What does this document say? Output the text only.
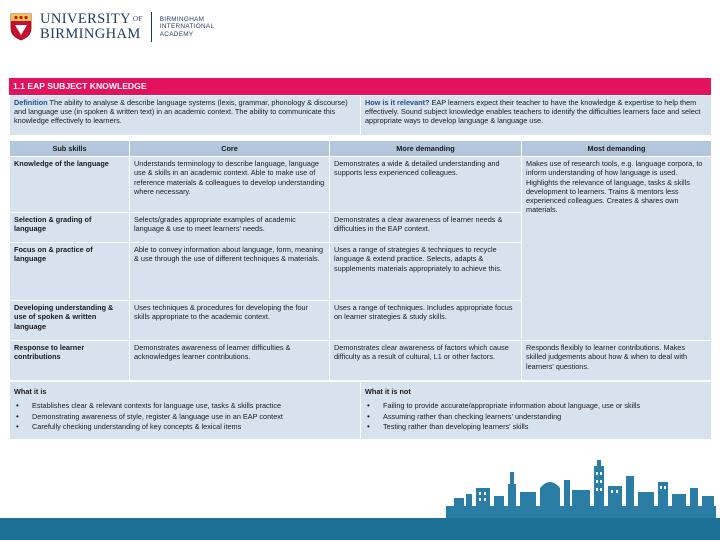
UNIVERSITY $^{OF}$
BIRMINGHAM
BIRMINGHAM
INTERNATIONAL
ACADEMY
1.1 EAP SUBJECT KNOWLEDGE
Definition The ability to analyse & describe language systems (lexis, grammar, phonology & discourse) and language use (in spoken & written text) in an academic context. The ability to communicate this knowledge effectively to learners.	How is it relevant? EAP learners expect their teacher to have the knowledge & expertise to help them effectively. Sound subject knowledge enables teachers to identify the difficulties learners face and select appropriate ways to develop language & language use.
Sub skills	Core	More demanding	Most demanding
Knowledge of the language	Understands terminology to describe language, language use & skills in an academic context. Able to make use of reference materials & colleagues to develop understanding where necessary.	Demonstrates a wide & detailed understanding and supports less experienced colleagues.	Makes use of research tools, e.g. language corpora, to inform understanding of how language is used. Highlights the relevance of language, tasks & skills development to learners. Trains & mentors less experienced colleagues. Creates & shares own materials.
Selection & grading of language	Selects/grades appropriate examples of academic language & use to meet learners' needs.	Demonstrates a clear awareness of learner needs & difficulties in the EAP context.	
Focus on & practice of language	Able to convey information about language, form, meaning & use through the use of different techniques & materials.	Uses a range of strategies & techniques to recycle language & extend practice. Selects, adapts & supplements materials appropriately to achieve this.	
Developing understanding & use of spoken & written language	Uses techniques & procedures for developing the four skills appropriate to the academic context.	Uses a range of techniques. Includes appropriate focus on learner strategies & study skills.	
Response to learner contributions	Demonstrates awareness of learner difficulties & acknowledges learner contributions.	Demonstrates clear awareness of factors which cause difficulty as a result of cultural, L1 or other factors.	Responds flexibly to learner contributions. Makes skilled judgements about how & when to deal with learners' questions.
What it is
• Establishes clear & relevant contexts for language use, tasks & skills practice
• Demonstrating awareness of style, register & language use in an EAP context
• Carefully checking understanding of key concepts & lexical items

What it is not
• Failing to provide accurate/appropriate information about language, use or skills
• Assuming rather than checking learners' understanding
• Testing rather than developing learners' skills
